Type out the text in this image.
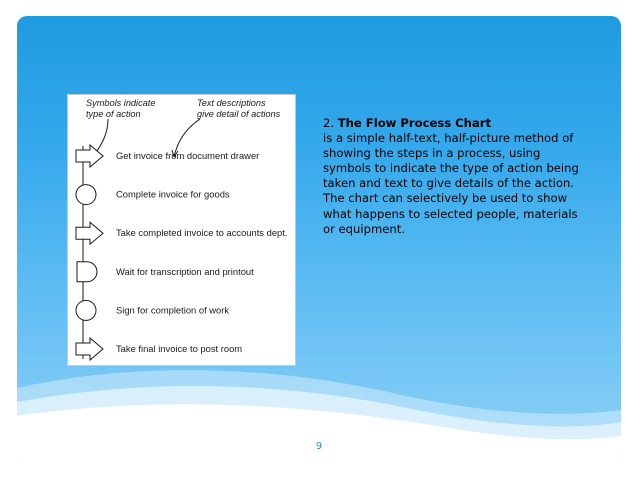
Symbols indicate
type of action
Text descriptions
give detail of actions
Get invoice from document drawer
Complete invoice for goods
Take completed invoice to accounts dept.
Wait for transcription and printout
Sign for completion of work
Take final invoice to post room
2. The Flow Process Chart
is a simple half-text, half-picture method of showing the steps in a process, using symbols to indicate the type of action being taken and text to give details of the action. The chart can selectively be used to show what happens to selected people, materials or equipment.
9
